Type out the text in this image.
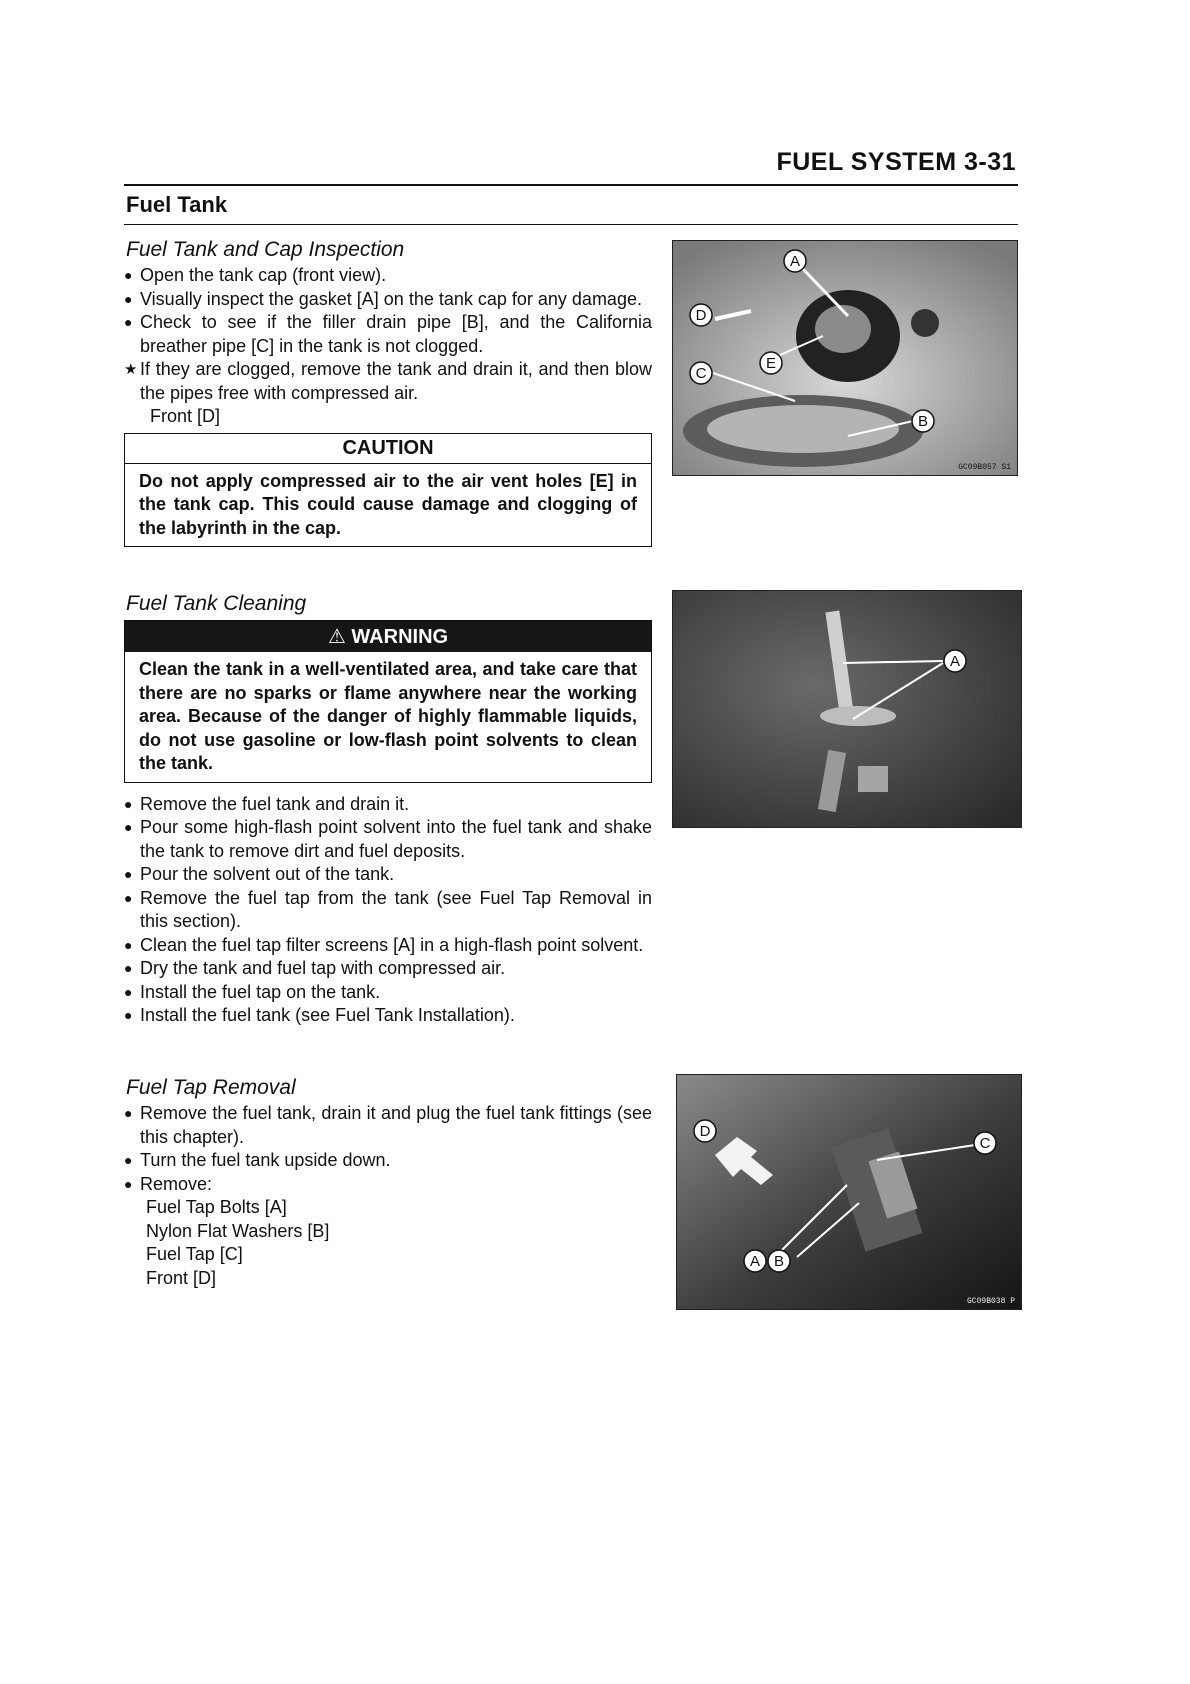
FUEL SYSTEM 3-31
Fuel Tank
Fuel Tank and Cap Inspection
● Open the tank cap (front view).
● Visually inspect the gasket [A] on the tank cap for any damage.
● Check to see if the filler drain pipe [B], and the California breather pipe [C] in the tank is not clogged.
★ If they are clogged, remove the tank and drain it, and then blow the pipes free with compressed air.
Front [D]
CAUTION
Do not apply compressed air to the air vent holes [E] in the tank cap. This could cause damage and clogging of the labyrinth in the cap.
A
D
E
C
B
GC09B057 S1
Fuel Tank Cleaning
⚠ WARNING
Clean the tank in a well-ventilated area, and take care that there are no sparks or flame anywhere near the working area. Because of the danger of highly flammable liquids, do not use gasoline or low-flash point solvents to clean the tank.
● Remove the fuel tank and drain it.
● Pour some high-flash point solvent into the fuel tank and shake the tank to remove dirt and fuel deposits.
● Pour the solvent out of the tank.
● Remove the fuel tap from the tank (see Fuel Tap Removal in this section).
● Clean the fuel tap filter screens [A] in a high-flash point solvent.
● Dry the tank and fuel tap with compressed air.
● Install the fuel tap on the tank.
● Install the fuel tank (see Fuel Tank Installation).
A
Fuel Tap Removal
● Remove the fuel tank, drain it and plug the fuel tank fittings (see this chapter).
● Turn the fuel tank upside down.
● Remove:
Fuel Tap Bolts [A]
Nylon Flat Washers [B]
Fuel Tap [C]
Front [D]
D
C
A B
GC09B038 P
